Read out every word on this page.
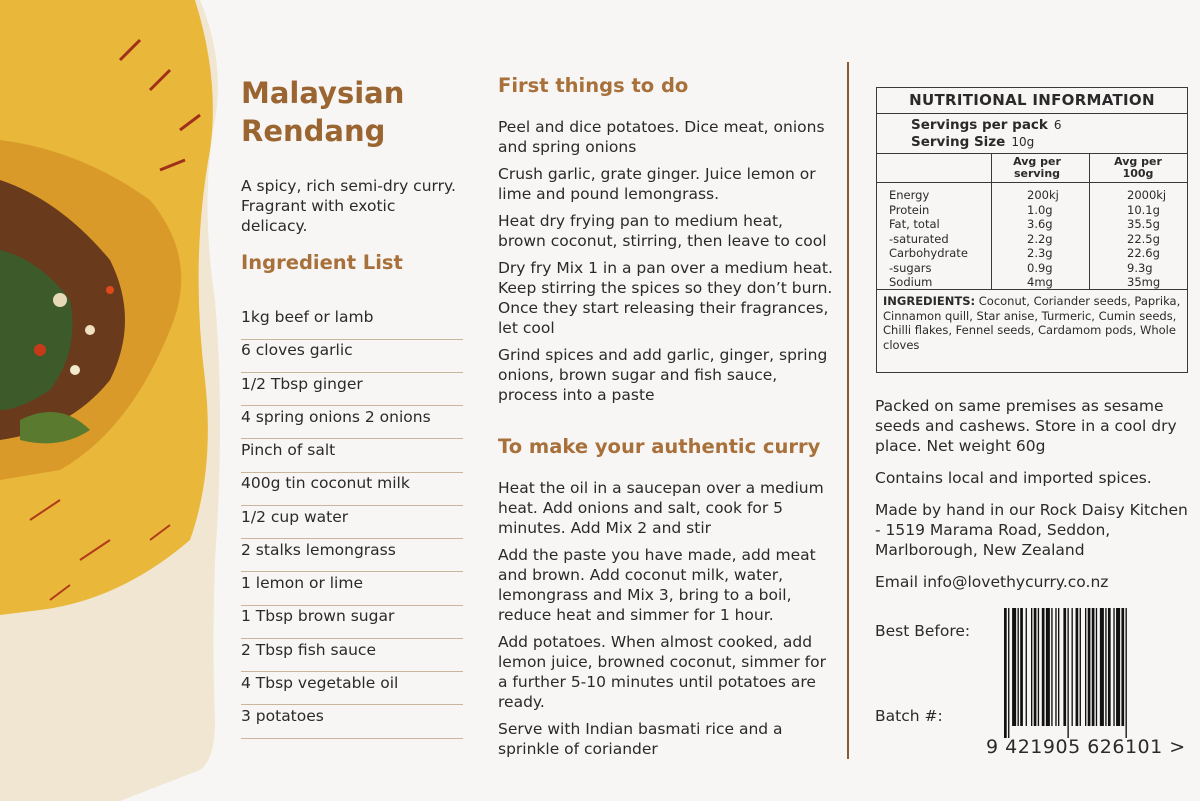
Malaysian
Rendang

A spicy, rich semi-dry curry. Fragrant with exotic delicacy.

Ingredient List
1kg beef or lamb
6 cloves garlic
1/2 Tbsp ginger
4 spring onions 2 onions
Pinch of salt
400g tin coconut milk
1/2 cup water
2 stalks lemongrass
1 lemon or lime
1 Tbsp brown sugar
2 Tbsp fish sauce
4 Tbsp vegetable oil
3 potatoes
First things to do
Peel and dice potatoes. Dice meat, onions and spring onions
Crush garlic, grate ginger. Juice lemon or lime and pound lemongrass.
Heat dry frying pan to medium heat, brown coconut, stirring, then leave to cool
Dry fry Mix 1 in a pan over a medium heat. Keep stirring the spices so they don’t burn. Once they start releasing their fragrances, let cool
Grind spices and add garlic, ginger, spring onions, brown sugar and fish sauce, process into a paste
To make your authentic curry
Heat the oil in a saucepan over a medium heat. Add onions and salt, cook for 5 minutes. Add Mix 2 and stir
Add the paste you have made, add meat and brown. Add coconut milk, water, lemongrass and Mix 3, bring to a boil, reduce heat and simmer for 1 hour.
Add potatoes. When almost cooked, add lemon juice, browned coconut, simmer for a further 5-10 minutes until potatoes are ready.
Serve with Indian basmati rice and a sprinkle of coriander
NUTRITIONAL INFORMATION
Servings per pack 6
Serving Size 10g
Avg per serving
Avg per 100g
Energy	200kj	2000kj
Protein	1.0g	10.1g
Fat, total	3.6g	35.5g
-saturated	2.2g	22.5g
Carbohydrate	2.3g	22.6g
-sugars	0.9g	9.3g
Sodium	4mg	35mg
INGREDIENTS: Coconut, Coriander seeds, Paprika, Cinnamon quill, Star anise, Turmeric, Cumin seeds, Chilli flakes, Fennel seeds, Cardamom pods, Whole cloves

Packed on same premises as sesame seeds and cashews. Store in a cool dry place. Net weight 60g

Contains local and imported spices.

Made by hand in our Rock Daisy Kitchen - 1519 Marama Road, Seddon, Marlborough, New Zealand

Email info@lovethycurry.co.nz

Best Before:

Batch #:

9 421905 626101 >
